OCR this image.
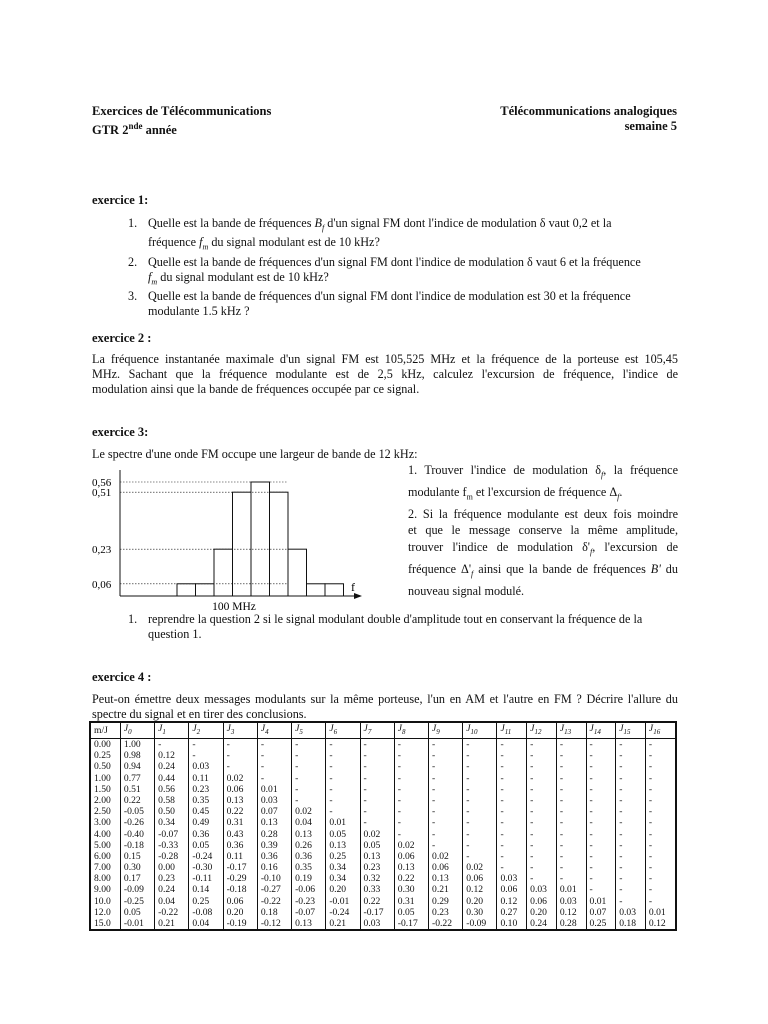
Exercices de Télécommunications
GTR 2nde année
Télécommunications analogiques
semaine 5
exercice 1:
1. Quelle est la bande de fréquences $B_f$ d'un signal FM dont l'indice de modulation δ vaut 0,2 et la
fréquence $f_m$ du signal modulant est de 10 kHz?
2. Quelle est la bande de fréquences d'un signal FM dont l'indice de modulation δ vaut 6 et la fréquence
$f_m$ du signal modulant est de 10 kHz?
3. Quelle est la bande de fréquences d'un signal FM dont l'indice de modulation est 30 et la fréquence
modulante 1.5 kHz ?
exercice 2 :
La fréquence instantanée maximale d'un signal FM est 105,525 MHz et la fréquence de la porteuse est 105,45
MHz. Sachant que la fréquence modulante est de 2,5 kHz, calculez l'excursion de fréquence, l'indice de
modulation ainsi que la bande de fréquences occupée par ce signal.
exercice 3:
Le spectre d'une onde FM occupe une largeur de bande de 12 kHz:
0,56
0,51
0,23
0,06	f
100 MHz
1. Trouver l'indice de modulation $\delta_f$, la fréquence
modulante $f_m$ et l'excursion de fréquence $\Delta_f$.
2. Si la fréquence modulante est deux fois moindre
et que le message conserve la même amplitude,
trouver l'indice de modulation $\delta'_f$, l'excursion de
fréquence $\Delta'_f$ ainsi que la bande de fréquences B' du
nouveau signal modulé.
1. reprendre la question 2 si le signal modulant double d'amplitude tout en conservant la fréquence de la
question 1.
exercice 4 :
Peut-on émettre deux messages modulants sur la même porteuse, l'un en AM et l'autre en FM ? Décrire l'allure du
spectre du signal et en tirer des conclusions.
m/J	$J_0$	$J_1$	$J_2$	$J_3$	$J_4$	$J_5$	$J_6$	$J_7$	$J_8$	$J_9$	$J_{10}$	$J_{11}$	$J_{12}$	$J_{13}$	$J_{14}$	$J_{15}$	$J_{16}$
0.00	1.00	-	-	-	-	-	-	-	-	-	-	-	-	-	-	-	-
0.25	0.98	0.12	-	-	-	-	-	-	-	-	-	-	-	-	-	-	-
0.50	0.94	0.24	0.03	-	-	-	-	-	-	-	-	-	-	-	-	-	-
1.00	0.77	0.44	0.11	0.02	-	-	-	-	-	-	-	-	-	-	-	-	-
1.50	0.51	0.56	0.23	0.06	0.01	-	-	-	-	-	-	-	-	-	-	-	-
2.00	0.22	0.58	0.35	0.13	0.03	-	-	-	-	-	-	-	-	-	-	-	-
2.50	-0.05	0.50	0.45	0.22	0.07	0.02	-	-	-	-	-	-	-	-	-	-	-
3.00	-0.26	0.34	0.49	0.31	0.13	0.04	0.01	-	-	-	-	-	-	-	-	-	-
4.00	-0.40	-0.07	0.36	0.43	0.28	0.13	0.05	0.02	-	-	-	-	-	-	-	-	-
5.00	-0.18	-0.33	0.05	0.36	0.39	0.26	0.13	0.05	0.02	-	-	-	-	-	-	-	-
6.00	0.15	-0.28	-0.24	0.11	0.36	0.36	0.25	0.13	0.06	0.02	-	-	-	-	-	-	-
7.00	0.30	0.00	-0.30	-0.17	0.16	0.35	0.34	0.23	0.13	0.06	0.02	-	-	-	-	-	-
8.00	0.17	0.23	-0.11	-0.29	-0.10	0.19	0.34	0.32	0.22	0.13	0.06	0.03	-	-	-	-	-
9.00	-0.09	0.24	0.14	-0.18	-0.27	-0.06	0.20	0.33	0.30	0.21	0.12	0.06	0.03	0.01	-	-	-
10.0	-0.25	0.04	0.25	0.06	-0.22	-0.23	-0.01	0.22	0.31	0.29	0.20	0.12	0.06	0.03	0.01	-	-
12.0	0.05	-0.22	-0.08	0.20	0.18	-0.07	-0.24	-0.17	0.05	0.23	0.30	0.27	0.20	0.12	0.07	0.03	0.01
15.0	-0.01	0.21	0.04	-0.19	-0.12	0.13	0.21	0.03	-0.17	-0.22	-0.09	0.10	0.24	0.28	0.25	0.18	0.12
